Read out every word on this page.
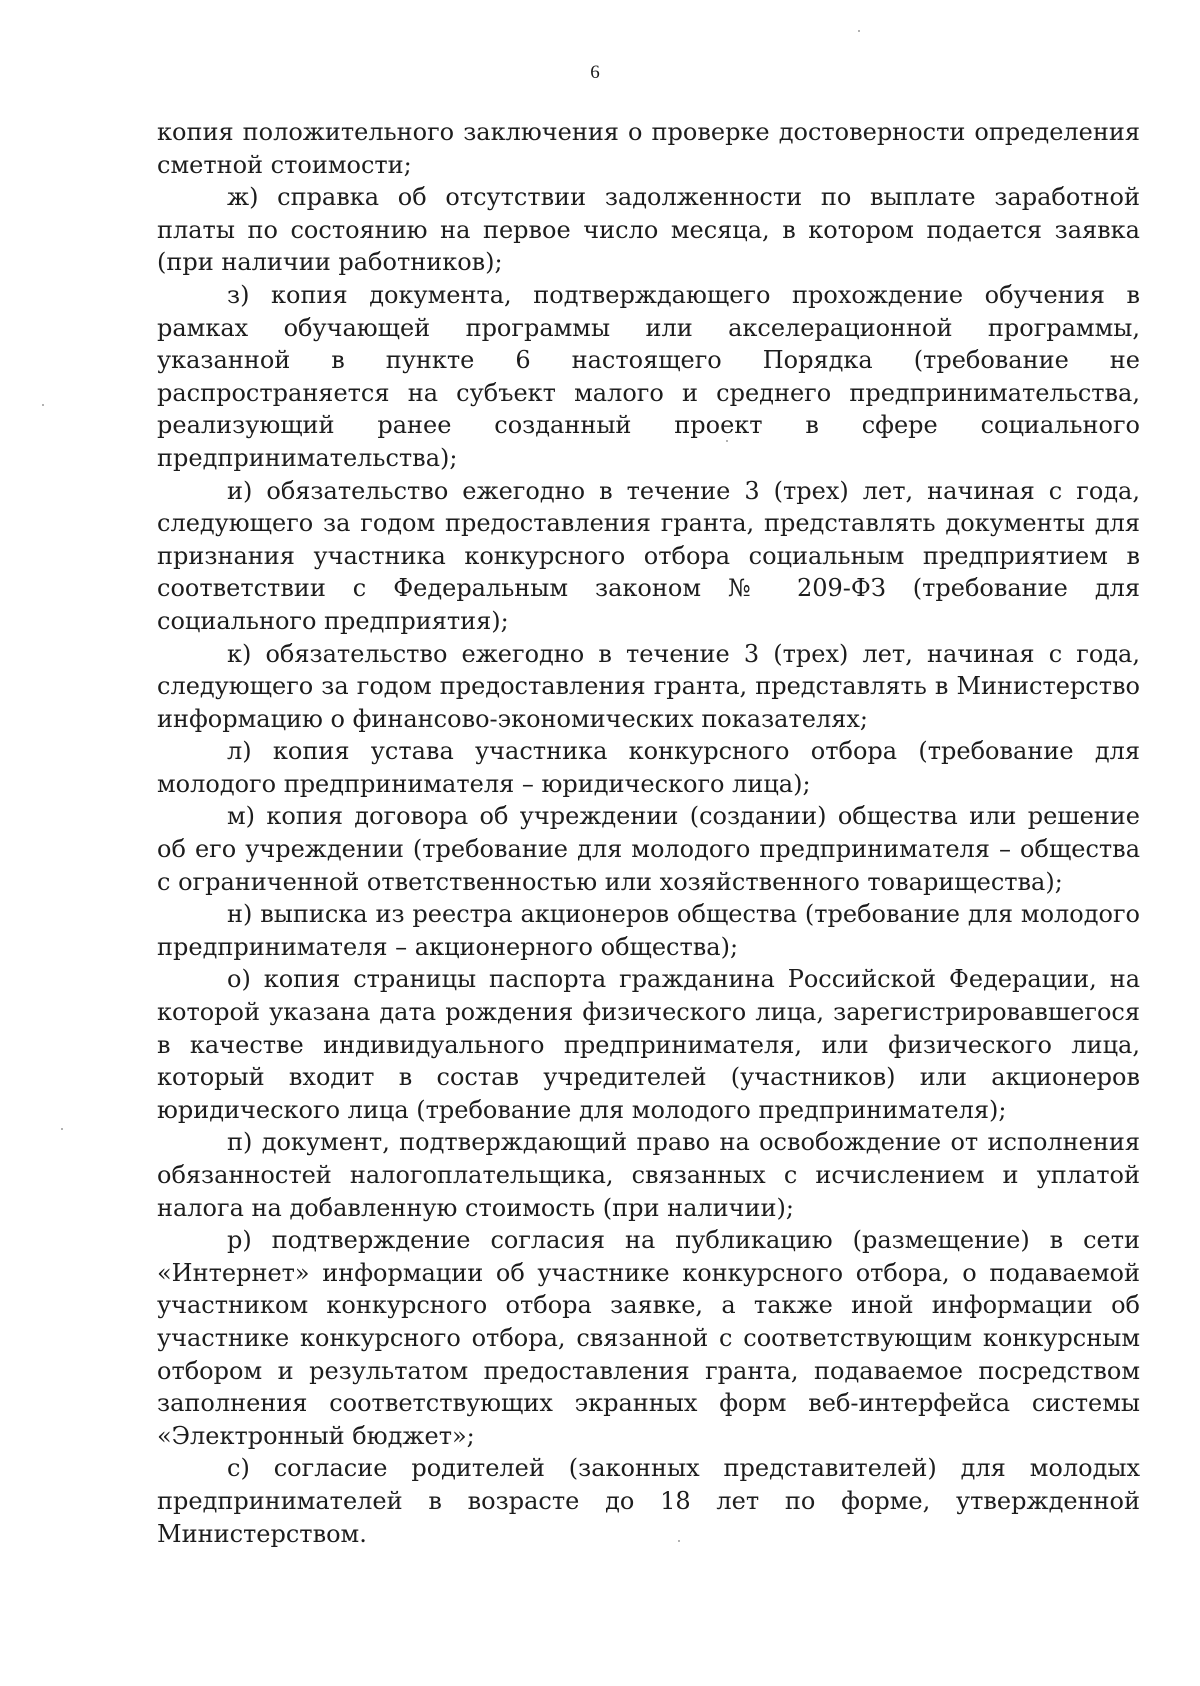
6

копия положительного заключения о проверке достоверности определения сметной стоимости;

ж) справка об отсутствии задолженности по выплате заработной платы по состоянию на первое число месяца, в котором подается заявка (при наличии работников);

з) копия документа, подтверждающего прохождение обучения в рамках обучающей программы или акселерационной программы, указанной в пункте 6 настоящего Порядка (требование не распространяется на субъект малого и среднего предпринимательства, реализующий ранее созданный проект в сфере социального предпринимательства);

и) обязательство ежегодно в течение 3 (трех) лет, начиная с года, следующего за годом предоставления гранта, представлять документы для признания участника конкурсного отбора социальным предприятием в соответствии с Федеральным законом № 209-ФЗ (требование для социального предприятия);

к) обязательство ежегодно в течение 3 (трех) лет, начиная с года, следующего за годом предоставления гранта, представлять в Министерство информацию о финансово-экономических показателях;

л) копия устава участника конкурсного отбора (требование для молодого предпринимателя – юридического лица);

м) копия договора об учреждении (создании) общества или решение об его учреждении (требование для молодого предпринимателя – общества с ограниченной ответственностью или хозяйственного товарищества);

н) выписка из реестра акционеров общества (требование для молодого предпринимателя – акционерного общества);

о) копия страницы паспорта гражданина Российской Федерации, на которой указана дата рождения физического лица, зарегистрировавшегося в качестве индивидуального предпринимателя, или физического лица, который входит в состав учредителей (участников) или акционеров юридического лица (требование для молодого предпринимателя);

п) документ, подтверждающий право на освобождение от исполнения обязанностей налогоплательщика, связанных с исчислением и уплатой налога на добавленную стоимость (при наличии);

р) подтверждение согласия на публикацию (размещение) в сети «Интернет» информации об участнике конкурсного отбора, о подаваемой участником конкурсного отбора заявке, а также иной информации об участнике конкурсного отбора, связанной с соответствующим конкурсным отбором и результатом предоставления гранта, подаваемое посредством заполнения соответствующих экранных форм веб-интерфейса системы «Электронный бюджет»;

с) согласие родителей (законных представителей) для молодых предпринимателей в возрасте до 18 лет по форме, утвержденной Министерством.
